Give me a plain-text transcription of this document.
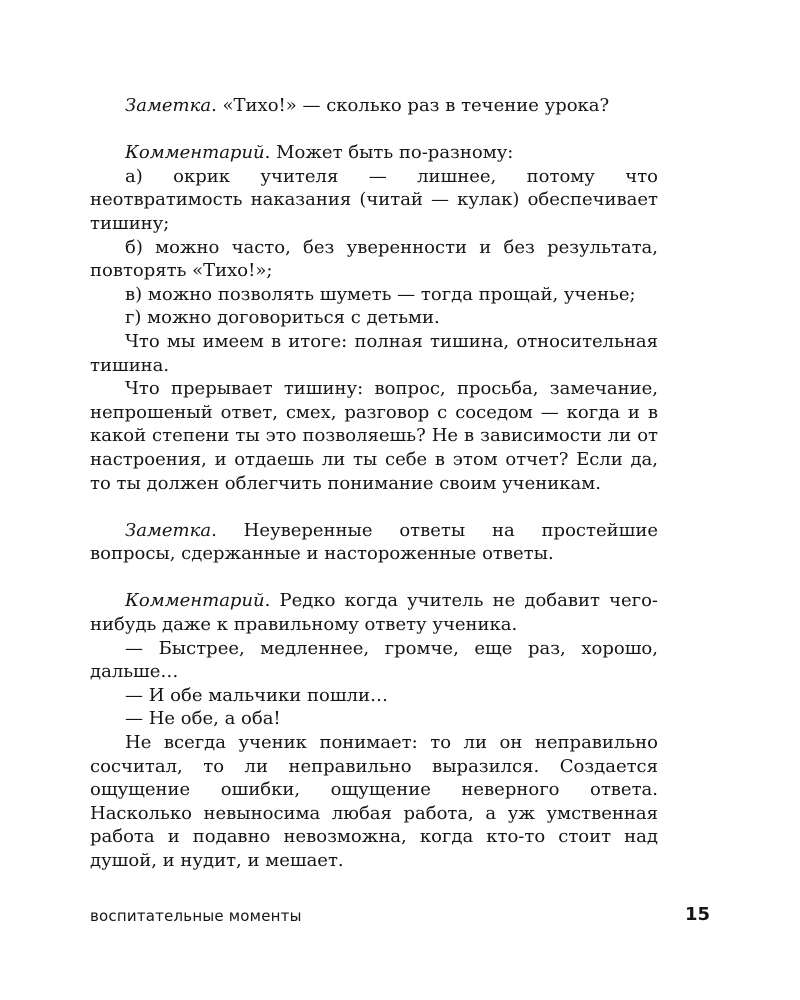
Заметка. «Тихо!» — сколько раз в течение урока?

Комментарий. Может быть по-разному:

а) окрик учителя — лишнее, потому что неотвратимость наказания (читай — кулак) обеспечивает тишину;

б) можно часто, без уверенности и без результата, повторять «Тихо!»;

в) можно позволять шуметь — тогда прощай, ученье;

г) можно договориться с детьми.

Что мы имеем в итоге: полная тишина, относительная тишина.

Что прерывает тишину: вопрос, просьба, замечание, непрошеный ответ, смех, разговор с соседом — когда и в какой степени ты это позволяешь? Не в зависимости ли от настроения, и отдаешь ли ты себе в этом отчет? Если да, то ты должен облегчить понимание своим ученикам.

Заметка. Неуверенные ответы на простейшие вопросы, сдержанные и настороженные ответы.

Комментарий. Редко когда учитель не добавит чего-нибудь даже к правильному ответу ученика.

— Быстрее, медленнее, громче, еще раз, хорошо, дальше…

— И обе мальчики пошли…

— Не обе, а оба!

Не всегда ученик понимает: то ли он неправильно сосчитал, то ли неправильно выразился. Создается ощущение ошибки, ощущение неверного ответа. Насколько невыносима любая работа, а уж умственная работа и подавно невозможна, когда кто-то стоит над душой, и нудит, и мешает.

воспитательные моменты	15
